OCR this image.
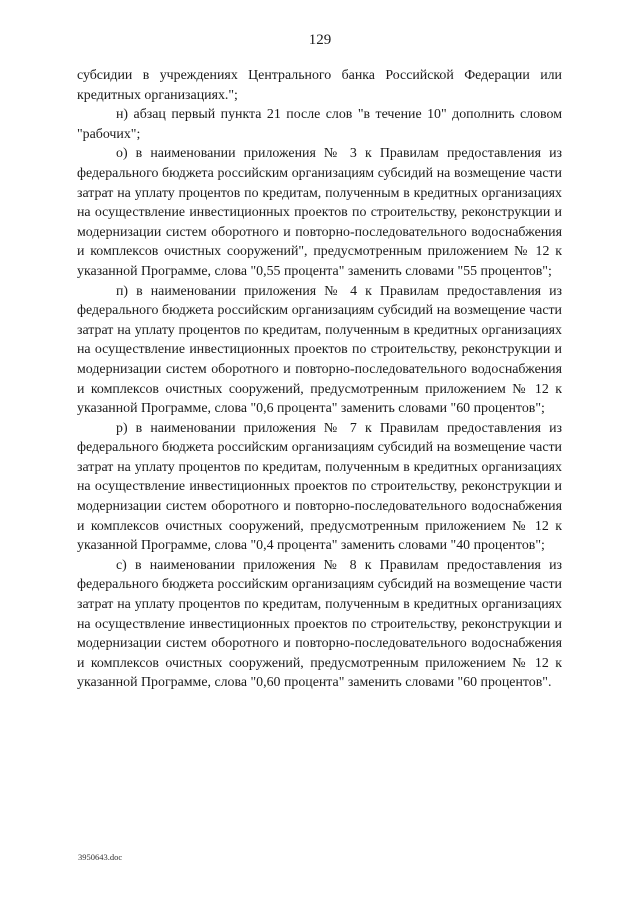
129

субсидии в учреждениях Центрального банка Российской Федерации или кредитных организациях.";

н) абзац первый пункта 21 после слов "в течение 10" дополнить словом "рабочих";

о) в наименовании приложения № 3 к Правилам предоставления из федерального бюджета российским организациям субсидий на возмещение части затрат на уплату процентов по кредитам, полученным в кредитных организациях на осуществление инвестиционных проектов по строительству, реконструкции и модернизации систем оборотного и повторно-последовательного водоснабжения и комплексов очистных сооружений", предусмотренным приложением № 12 к указанной Программе, слова "0,55 процента" заменить словами "55 процентов";

п) в наименовании приложения № 4 к Правилам предоставления из федерального бюджета российским организациям субсидий на возмещение части затрат на уплату процентов по кредитам, полученным в кредитных организациях на осуществление инвестиционных проектов по строительству, реконструкции и модернизации систем оборотного и повторно-последовательного водоснабжения и комплексов очистных сооружений, предусмотренным приложением № 12 к указанной Программе, слова "0,6 процента" заменить словами "60 процентов";

р) в наименовании приложения № 7 к Правилам предоставления из федерального бюджета российским организациям субсидий на возмещение части затрат на уплату процентов по кредитам, полученным в кредитных организациях на осуществление инвестиционных проектов по строительству, реконструкции и модернизации систем оборотного и повторно-последовательного водоснабжения и комплексов очистных сооружений, предусмотренным приложением № 12 к указанной Программе, слова "0,4 процента" заменить словами "40 процентов";

с) в наименовании приложения № 8 к Правилам предоставления из федерального бюджета российским организациям субсидий на возмещение части затрат на уплату процентов по кредитам, полученным в кредитных организациях на осуществление инвестиционных проектов по строительству, реконструкции и модернизации систем оборотного и повторно-последовательного водоснабжения и комплексов очистных сооружений, предусмотренным приложением № 12 к указанной Программе, слова "0,60 процента" заменить словами "60 процентов".

3950643.doc
